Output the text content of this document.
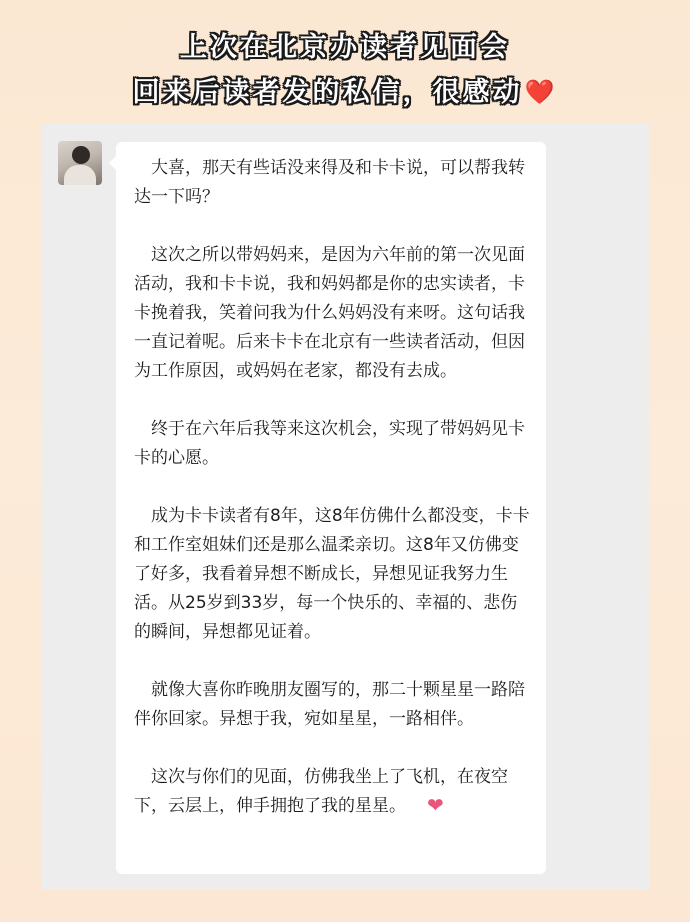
上次在北京办读者见面会
回来后读者发的私信，很感动❤️

大喜，那天有些话没来得及和卡卡说，可以帮我转达一下吗？

这次之所以带妈妈来，是因为六年前的第一次见面活动，我和卡卡说，我和妈妈都是你的忠实读者，卡卡挽着我，笑着问我为什么妈妈没有来呀。这句话我一直记着呢。后来卡卡在北京有一些读者活动，但因为工作原因，或妈妈在老家，都没有去成。

终于在六年后我等来这次机会，实现了带妈妈见卡卡的心愿。

成为卡卡读者有8年，这8年仿佛什么都没变，卡卡和工作室姐妹们还是那么温柔亲切。这8年又仿佛变了好多，我看着异想不断成长，异想见证我努力生活。从25岁到33岁，每一个快乐的、幸福的、悲伤的瞬间，异想都见证着。

就像大喜你昨晚朋友圈写的，那二十颗星星一路陪伴你回家。异想于我，宛如星星，一路相伴。

这次与你们的见面，仿佛我坐上了飞机，在夜空下，云层上，伸手拥抱了我的星星。 ❤
